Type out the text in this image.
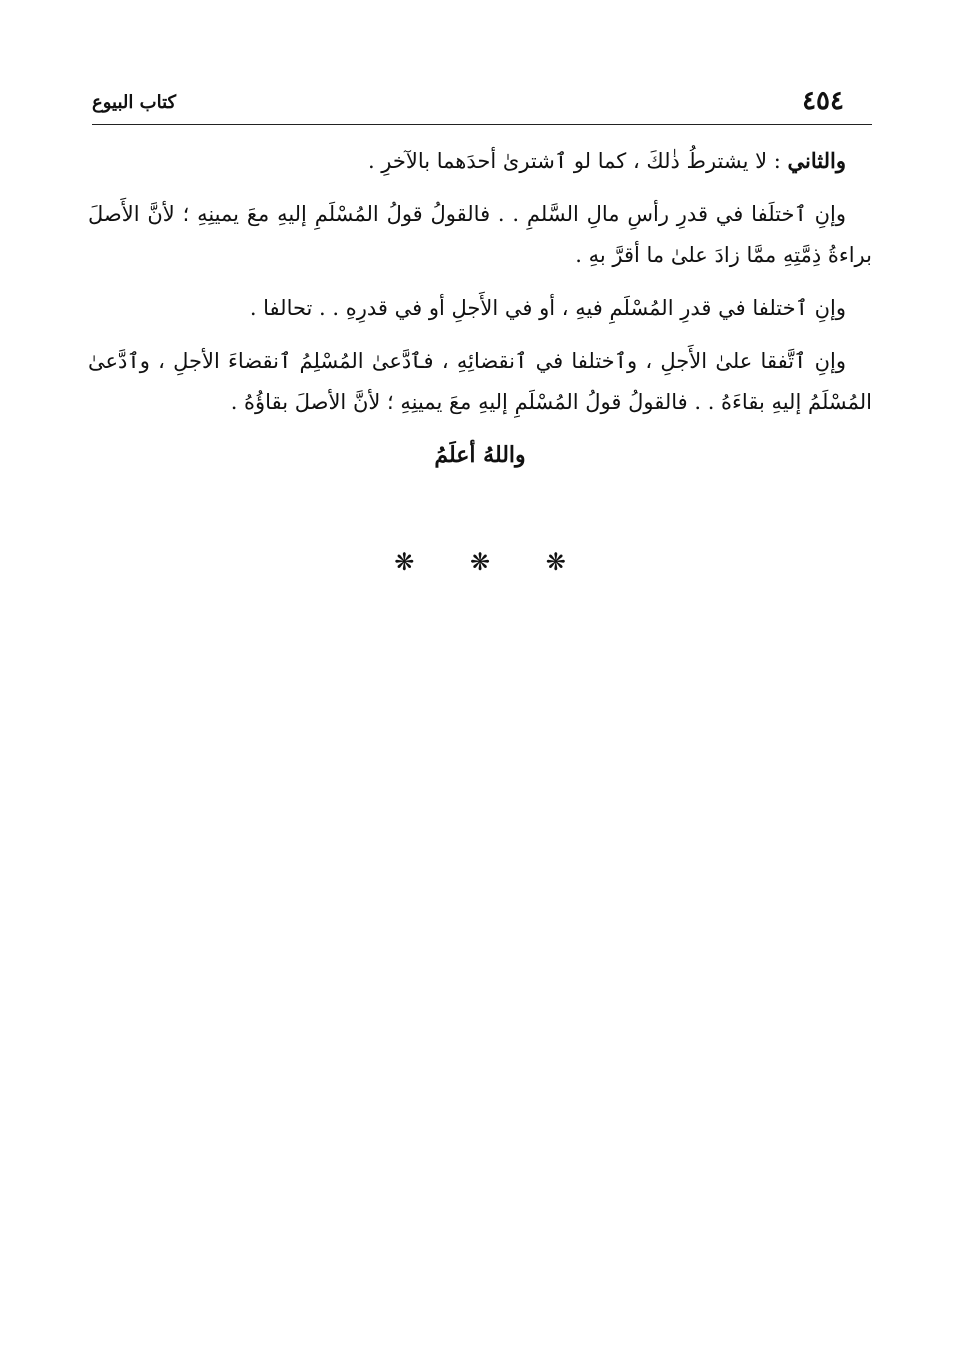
٤٥٤
كتاب البيوع

والثاني : لا يشترطُ ذٰلكَ ، كما لو ٱشترىٰ أحدَهما بالآخرِ .

وإنِ ٱختلَفا في قدرِ رأسِ مالِ السَّلمِ . . فالقولُ قولُ المُسْلَمِ إليهِ معَ يمينِهِ ؛ لأنَّ الأَصلَ براءةُ ذِمَّتِهِ ممَّا زادَ علىٰ ما أقرَّ بهِ .

وإنِ ٱختلفا في قدرِ المُسْلَمِ فيهِ ، أو في الأَجلِ أو في قدرِهِ . . تحالفا .

وإنِ ٱتَّفقا علىٰ الأَجلِ ، وٱختلفا في ٱنقضائِهِ ، فٱدَّعىٰ المُسْلِمُ ٱنقضاءَ الأجلِ ، وٱدَّعىٰ المُسْلَمُ إليهِ بقاءَهُ . . فالقولُ قولُ المُسْلَمِ إليهِ معَ يمينِهِ ؛ لأنَّ الأصلَ بقاؤُهُ .

واللهُ أعلَمُ

❋ ❋ ❋
